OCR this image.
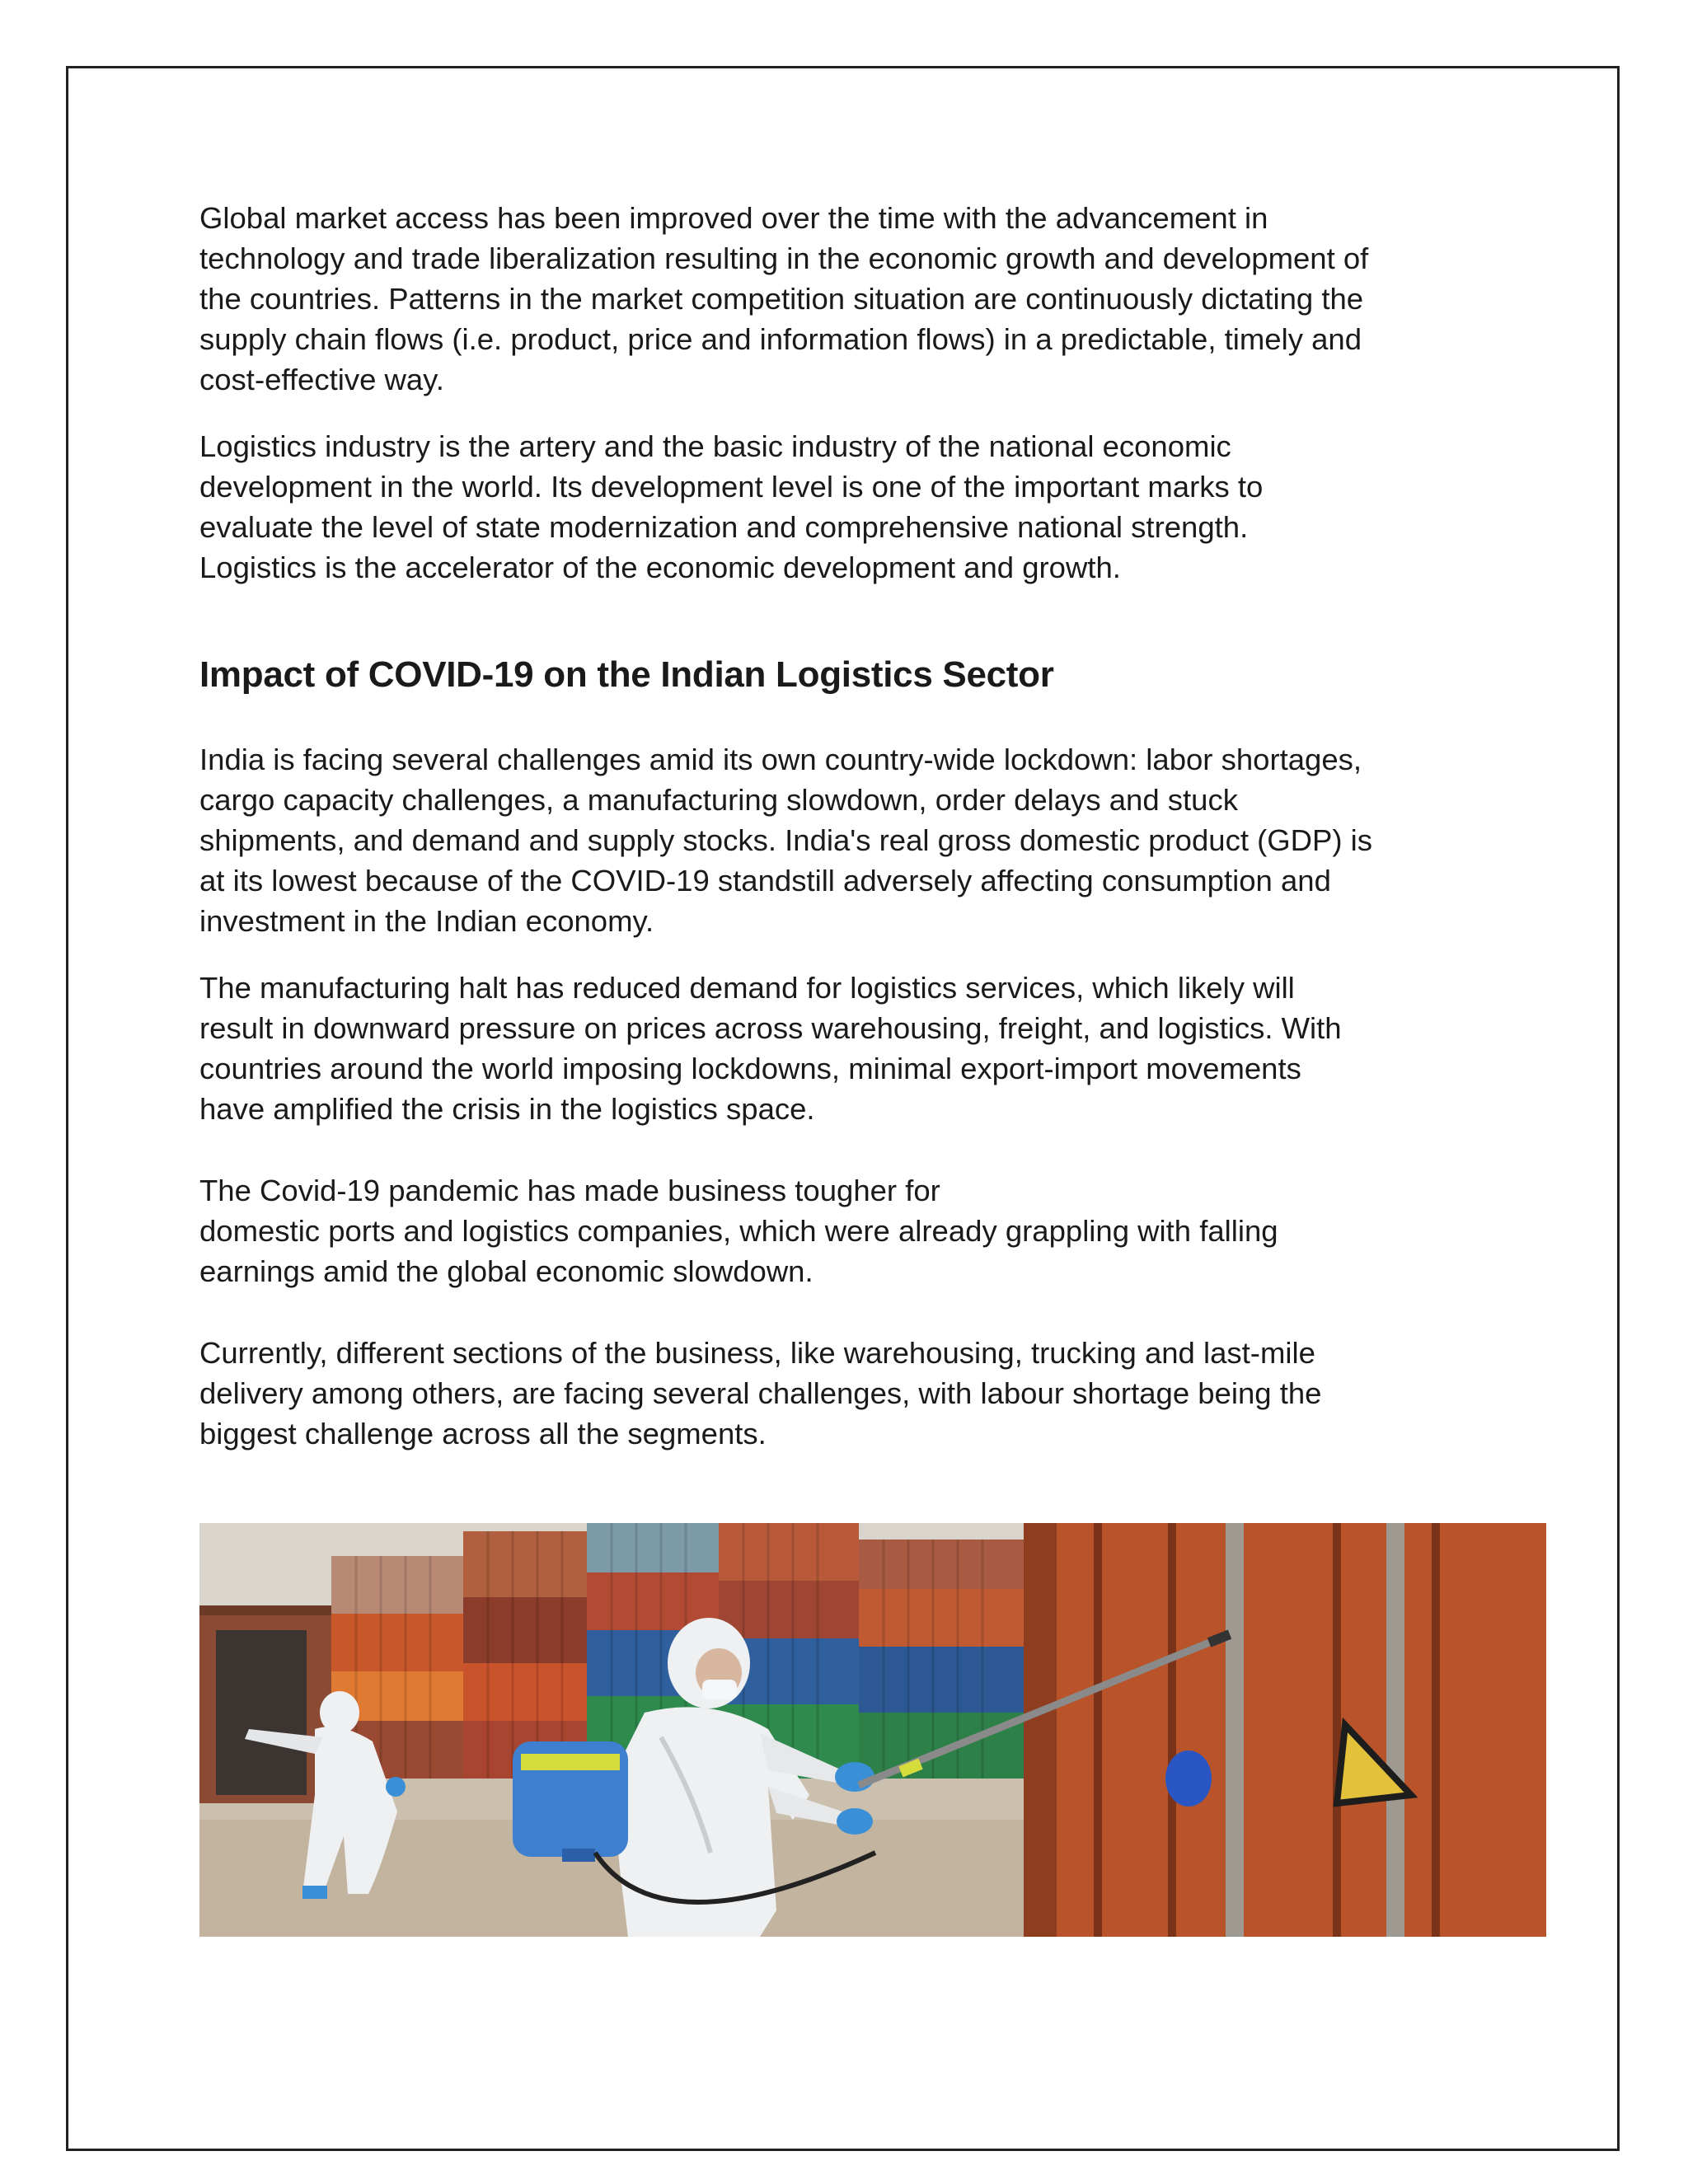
Global market access has been improved over the time with the advancement in
technology and trade liberalization resulting in the economic growth and development of
the countries. Patterns in the market competition situation are continuously dictating the
supply chain flows (i.e. product, price and information flows) in a predictable, timely and
cost-effective way.

Logistics industry is the artery and the basic industry of the national economic
development in the world. Its development level is one of the important marks to
evaluate the level of state modernization and comprehensive national strength.
Logistics is the accelerator of the economic development and growth.

Impact of COVID-19 on the Indian Logistics Sector

India is facing several challenges amid its own country-wide lockdown: labor shortages,
cargo capacity challenges, a manufacturing slowdown, order delays and stuck
shipments, and demand and supply stocks. India's real gross domestic product (GDP) is
at its lowest because of the COVID-19 standstill adversely affecting consumption and
investment in the Indian economy.

The manufacturing halt has reduced demand for logistics services, which likely will
result in downward pressure on prices across warehousing, freight, and logistics. With
countries around the world imposing lockdowns, minimal export-import movements
have amplified the crisis in the logistics space.

The Covid-19 pandemic has made business tougher for
domestic ports and logistics companies, which were already grappling with falling
earnings amid the global economic slowdown.

Currently, different sections of the business, like warehousing, trucking and last-mile
delivery among others, are facing several challenges, with labour shortage being the
biggest challenge across all the segments.
